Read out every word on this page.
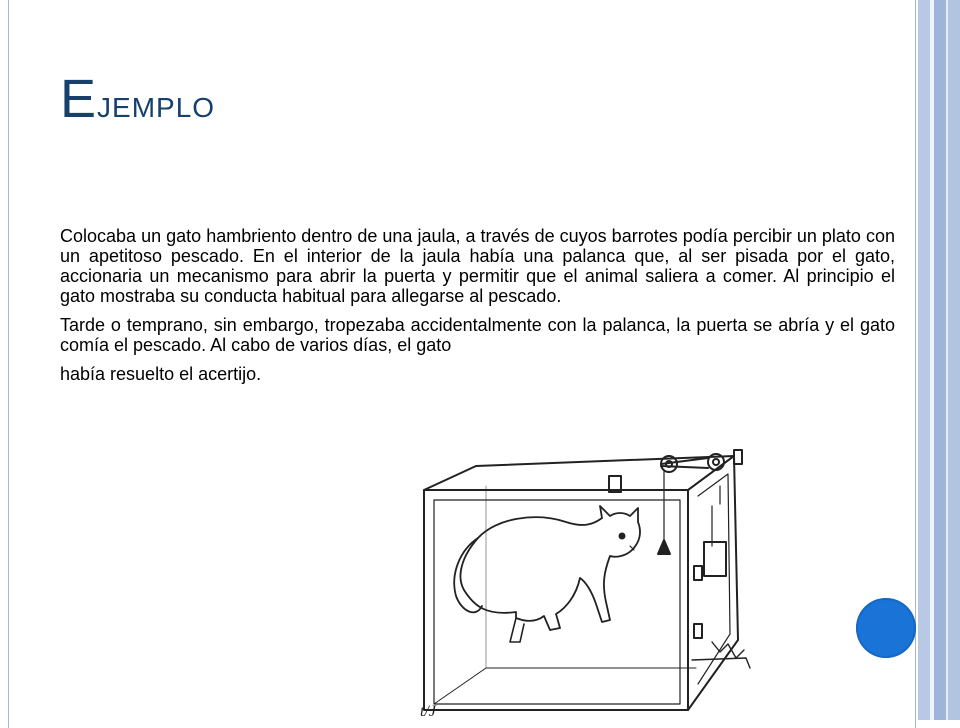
Ejemplo

Colocaba un gato hambriento dentro de una jaula, a través de cuyos barrotes podía percibir un plato con un apetitoso pescado. En el interior de la jaula había una palanca que, al ser pisada por el gato, accionaria un mecanismo para abrir la puerta y permitir que el animal saliera a comer. Al principio el gato mostraba su conducta habitual para allegarse al pescado.

Tarde o temprano, sin embargo, tropezaba accidentalmente con la palanca, la puerta se abría y el gato comía el pescado. Al cabo de varios días, el gato

había resuelto el acertijo.

t/J
